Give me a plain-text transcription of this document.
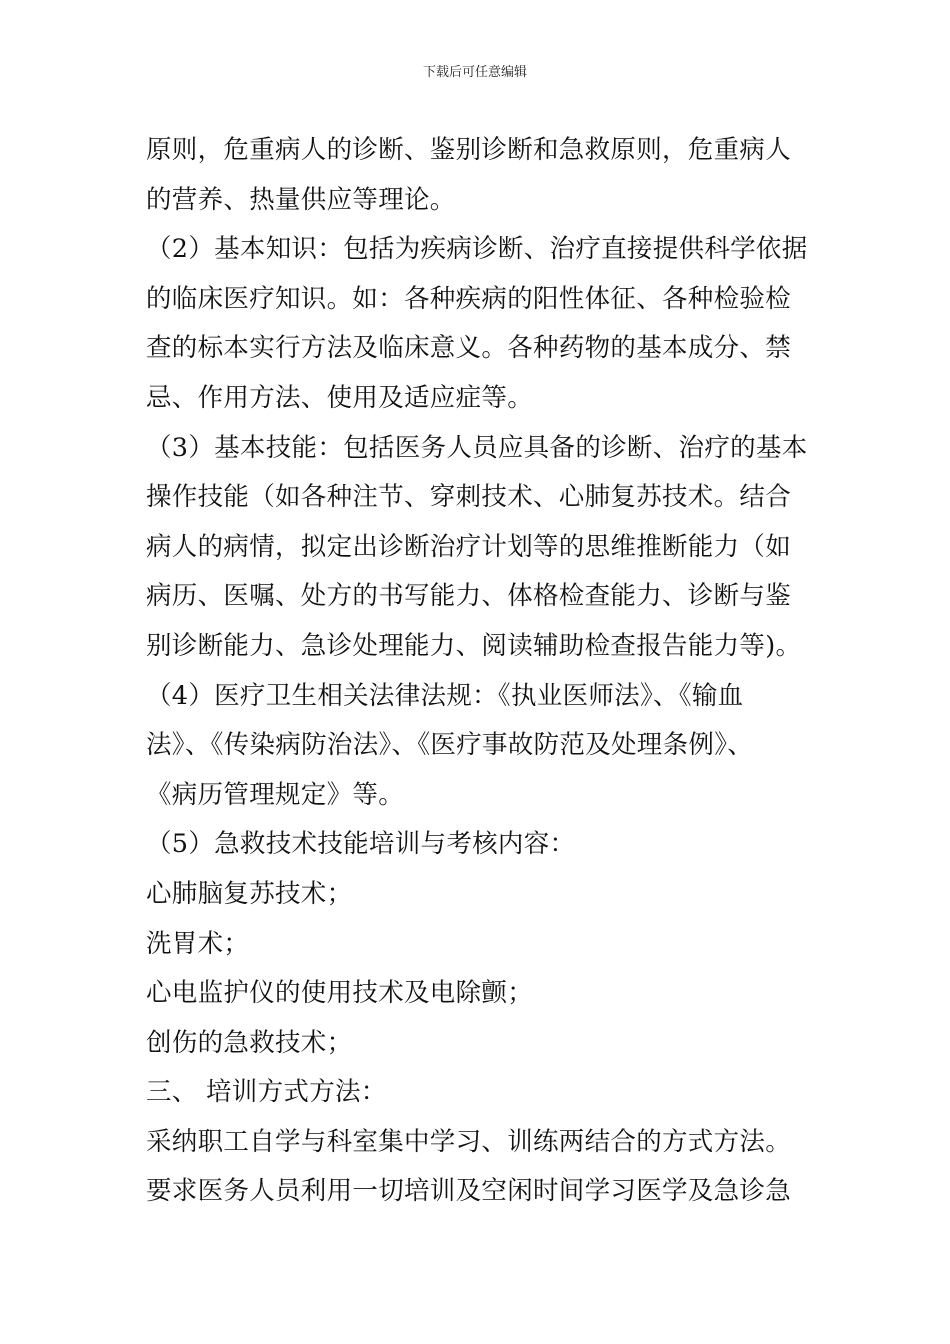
下载后可任意编辑
原则，危重病人的诊断、鉴别诊断和急救原则，危重病人
的营养、热量供应等理论。
（2）基本知识：包括为疾病诊断、治疗直接提供科学依据
的临床医疗知识。如：各种疾病的阳性体征、各种检验检
查的标本实行方法及临床意义。各种药物的基本成分、禁
忌、作用方法、使用及适应症等。
（3）基本技能：包括医务人员应具备的诊断、治疗的基本
操作技能（如各种注节、穿刺技术、心肺复苏技术。结合
病人的病情，拟定出诊断治疗计划等的思维推断能力（如
病历、医嘱、处方的书写能力、体格检查能力、诊断与鉴
别诊断能力、急诊处理能力、阅读辅助检查报告能力等)。
（4）医疗卫生相关法律法规：《执业医师法》、《输血
法》、《传染病防治法》、《医疗事故防范及处理条例》、
《病历管理规定》等。
（5）急救技术技能培训与考核内容：
心肺脑复苏技术；
洗胃术；
心电监护仪的使用技术及电除颤；
创伤的急救技术；
三、 培训方式方法：
采纳职工自学与科室集中学习、训练两结合的方式方法。
要求医务人员利用一切培训及空闲时间学习医学及急诊急
